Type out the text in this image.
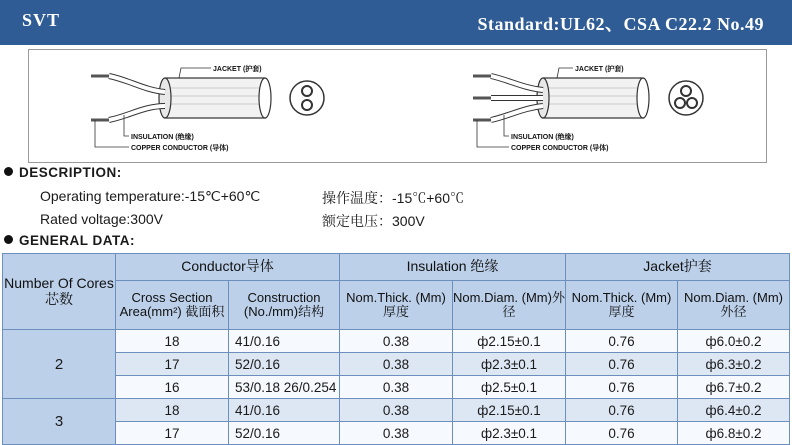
SVT	Standard:UL62、CSA C22.2 No.49
JACKET (护套)
INSULATION (绝缘)
COPPER CONDUCTOR (导体)
JACKET (护套)
INSULATION (绝缘)
COPPER CONDUCTOR (导体)
DESCRIPTION:
Operating temperature:-15℃+60℃	操作温度：-15℃+60℃
Rated voltage:300V	额定电压：300V
GENERAL DATA:
Number Of Cores 芯数	Conductor导体		Insulation 绝缘		Jacket护套	
	Cross Section Area(mm²) 截面积	Construction (No./mm)结构	Nom.Thick. (Mm)厚度	Nom.Diam. (Mm)外径	Nom.Thick. (Mm)厚度	Nom.Diam. (Mm)外径
2	18	41/0.16	0.38	ф2.15±0.1	0.76	ф6.0±0.2
	17	52/0.16	0.38	ф2.3±0.1	0.76	ф6.3±0.2
	16	53/0.18 26/0.254	0.38	ф2.5±0.1	0.76	ф6.7±0.2
3	18	41/0.16	0.38	ф2.15±0.1	0.76	ф6.4±0.2
	17	52/0.16	0.38	ф2.3±0.1	0.76	ф6.8±0.2
